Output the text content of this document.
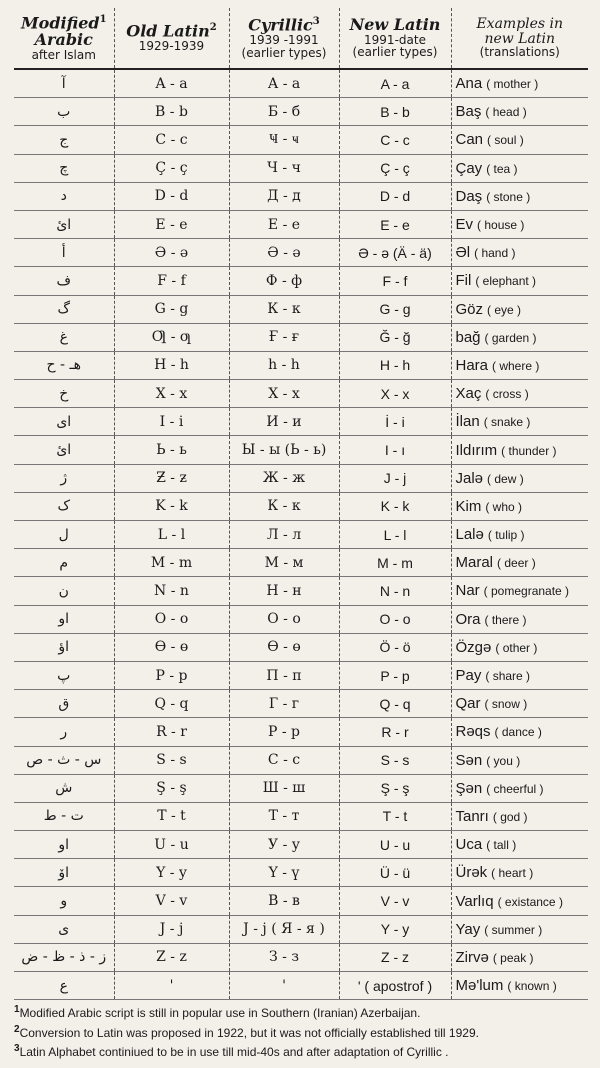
Modified$^1$
Arabic
after Islam	Old Latin$^2$
1929-1939	Cyrillic$^3$
1939 -1991
(earlier types)	New Latin
1991-date
(earlier types)	Examples in
new Latin
(translations)

آ	A - a	А - а	A - a	Ana ( mother )
ب	B - b	Б - б	B - b	Baş ( head )
ج	C - c	Ҹ - ҹ	C - c	Can ( soul )
چ	Ç - ç	Ч - ч	Ç - ç	Çay ( tea )
د	D - d	Д - д	D - d	Daş ( stone )
ائ	E - e	Е - е	E - e	Ev ( house )
أ	Ə - ə	Ә - ә	Ə - ə (Ä - ä)	Əl ( hand )
ف	F - f	Ф - ф	F - f	Fil ( elephant )
گ	G - g	К - к	G - g	Göz ( eye )
غ	Ƣ - ƣ	Ғ - ғ	Ğ - ğ	bağ ( garden )
هـ - ح	H - h	һ - һ	H - h	Hara ( where )
خ	X - x	Х - х	X - x	Xaç ( cross )
ای	I - i	И - и	İ - i	İlan ( snake )
ائ	Ь - ь	Ы - ы (Ь - ь)	I - ı	Ildırım ( thunder )
ژ	Ƶ - ƶ	Ж - ж	J - j	Jalə ( dew )
ک	K - k	К - к	K - k	Kim ( who )
ل	L - l	Л - л	L - l	Lalə ( tulip )
م	M - m	М - м	M - m	Maral ( deer )
ن	N - n	Н - н	N - n	Nar ( pomegranate )
او	O - o	О - о	O - o	Ora ( there )
اؤ	Ɵ - ɵ	Ө - ө	Ö - ö	Özgə ( other )
پ	P - p	П - п	P - p	Pay ( share )
ق	Q - q	Г - г	Q - q	Qar ( snow )
ر	R - r	Р - р	R - r	Rəqs ( dance )
س - ث - ص	S - s	С - с	S - s	Sən ( you )
ش	Ş - ş	Ш - ш	Ş - ş	Şən ( cheerful )
ت - ط	T - t	Т - т	T - t	Tanrı ( god )
او	U - u	У - у	U - u	Uca ( tall )
اۆ	Y - y	Ү - ү	Ü - ü	Ürək ( heart )
و	V - v	В - в	V - v	Varlıq ( existance )
ی	J - j	Ј - ј ( Я - я )	Y - y	Yay ( summer )
ز - ذ - ظ - ض	Z - z	З - з	Z - z	Zirvə ( peak )
ع	'	'	' ( apostrof )	Mə'lum ( known )
$^1$Modified Arabic script is still in popular use in Southern (Iranian) Azerbaijan.
$^2$Conversion to Latin was proposed in 1922, but it was not officially established till 1929.
$^3$Latin Alphabet continiued to be in use till mid-40s and after adaptation of Cyrillic .
